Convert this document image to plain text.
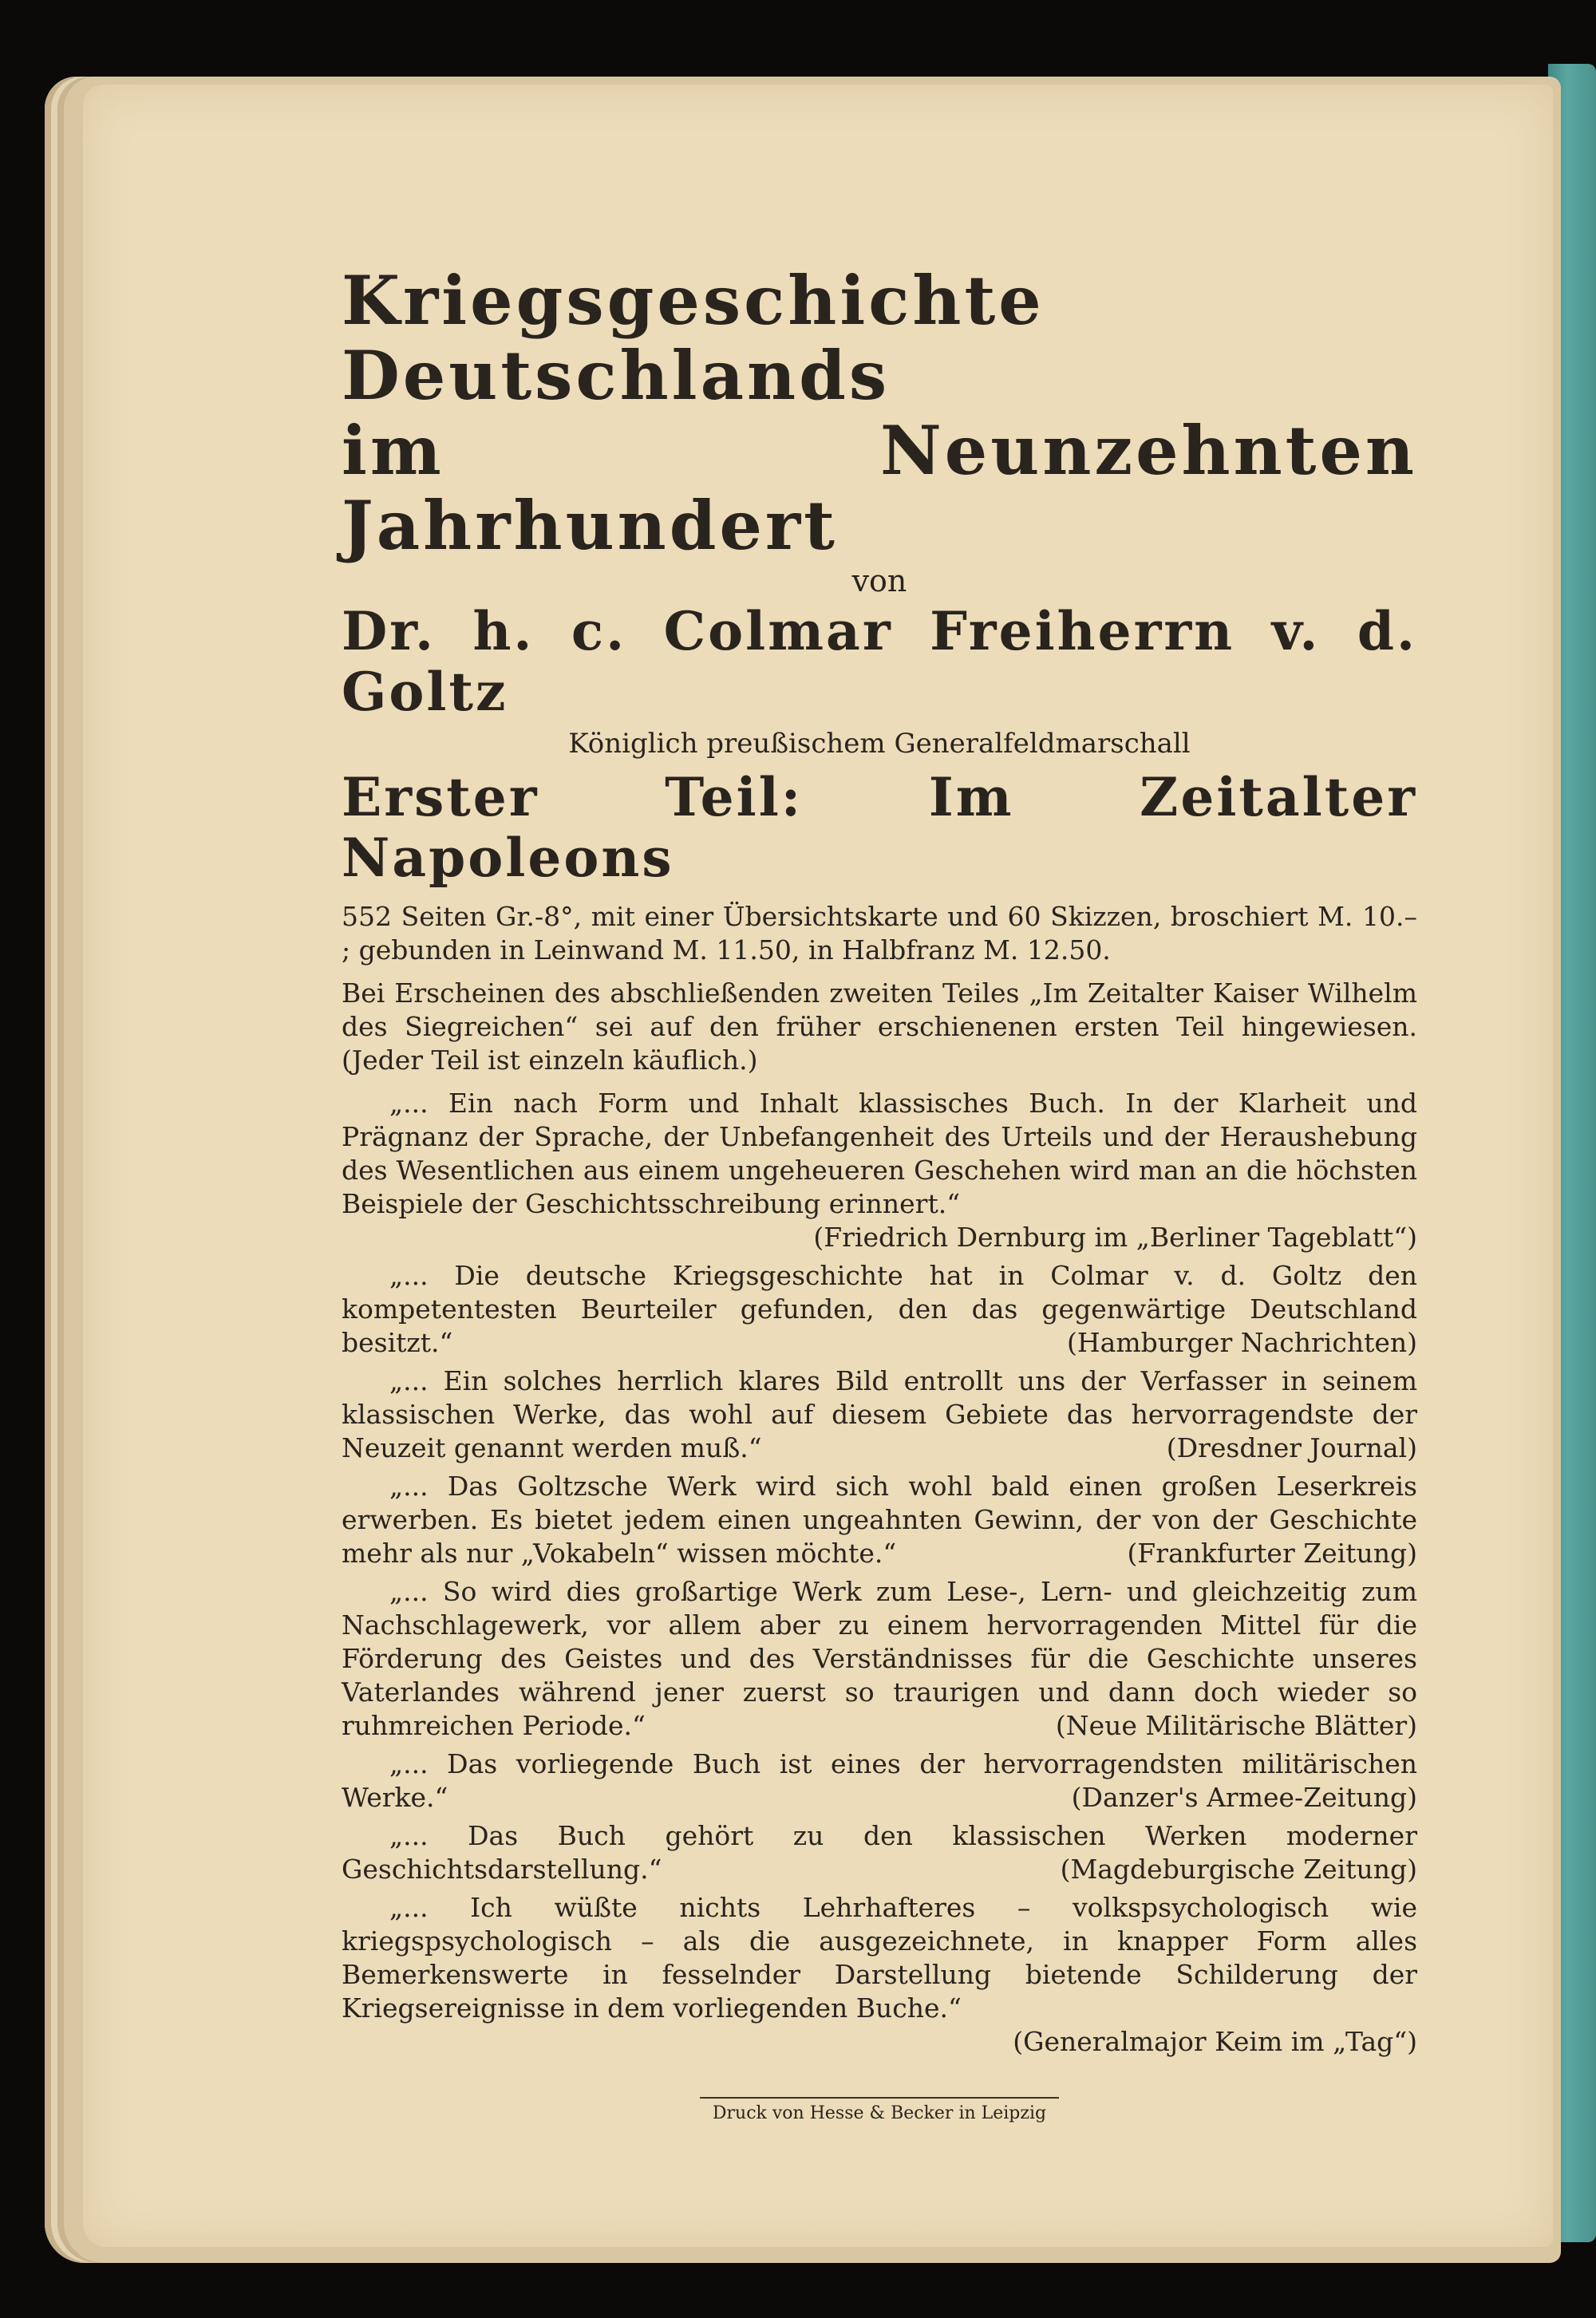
Kriegsgeschichte Deutschlands
im Neunzehnten Jahrhundert

von

Dr. h. c. Colmar Freiherrn v. d. Goltz

Königlich preußischem Generalfeldmarschall

Erster Teil: Im Zeitalter Napoleons

552 Seiten Gr.-8°, mit einer Übersichtskarte und 60 Skizzen, broschiert M. 10.– ; gebunden in Leinwand M. 11.50, in Halbfranz M. 12.50.

Bei Erscheinen des abschließenden zweiten Teiles „Im Zeitalter Kaiser Wilhelm des Siegreichen“ sei auf den früher erschienenen ersten Teil hingewiesen. (Jeder Teil ist einzeln käuflich.)

„... Ein nach Form und Inhalt klassisches Buch. In der Klarheit und Prägnanz der Sprache, der Unbefangenheit des Urteils und der Heraushebung des Wesentlichen aus einem ungeheueren Geschehen wird man an die höchsten Beispiele der Geschichtsschreibung erinnert.“
(Friedrich Dernburg im „Berliner Tageblatt“)
„... Die deutsche Kriegsgeschichte hat in Colmar v. d. Goltz den kompetentesten Beurteiler gefunden, den das gegenwärtige Deutschland besitzt.“	(Hamburger Nachrichten)
„... Ein solches herrlich klares Bild entrollt uns der Verfasser in seinem klassischen Werke, das wohl auf diesem Gebiete das hervorragendste der Neuzeit genannt werden muß.“	(Dresdner Journal)
„... Das Goltzsche Werk wird sich wohl bald einen großen Leserkreis erwerben. Es bietet jedem einen ungeahnten Gewinn, der von der Geschichte mehr als nur „Vokabeln“ wissen möchte.“	(Frankfurter Zeitung)
„... So wird dies großartige Werk zum Lese-, Lern- und gleichzeitig zum Nachschlagewerk, vor allem aber zu einem hervorragenden Mittel für die Förderung des Geistes und des Verständnisses für die Geschichte unseres Vaterlandes während jener zuerst so traurigen und dann doch wieder so ruhmreichen Periode.“	(Neue Militärische Blätter)
„... Das vorliegende Buch ist eines der hervorragendsten militärischen Werke.“	(Danzer's Armee-Zeitung)
„... Das Buch gehört zu den klassischen Werken moderner Geschichtsdarstellung.“	(Magdeburgische Zeitung)
„... Ich wüßte nichts Lehrhafteres – volkspsychologisch wie kriegspsychologisch – als die ausgezeichnete, in knapper Form alles Bemerkenswerte in fesselnder Darstellung bietende Schilderung der Kriegsereignisse in dem vorliegenden Buche.“
(Generalmajor Keim im „Tag“)
Druck von Hesse & Becker in Leipzig
